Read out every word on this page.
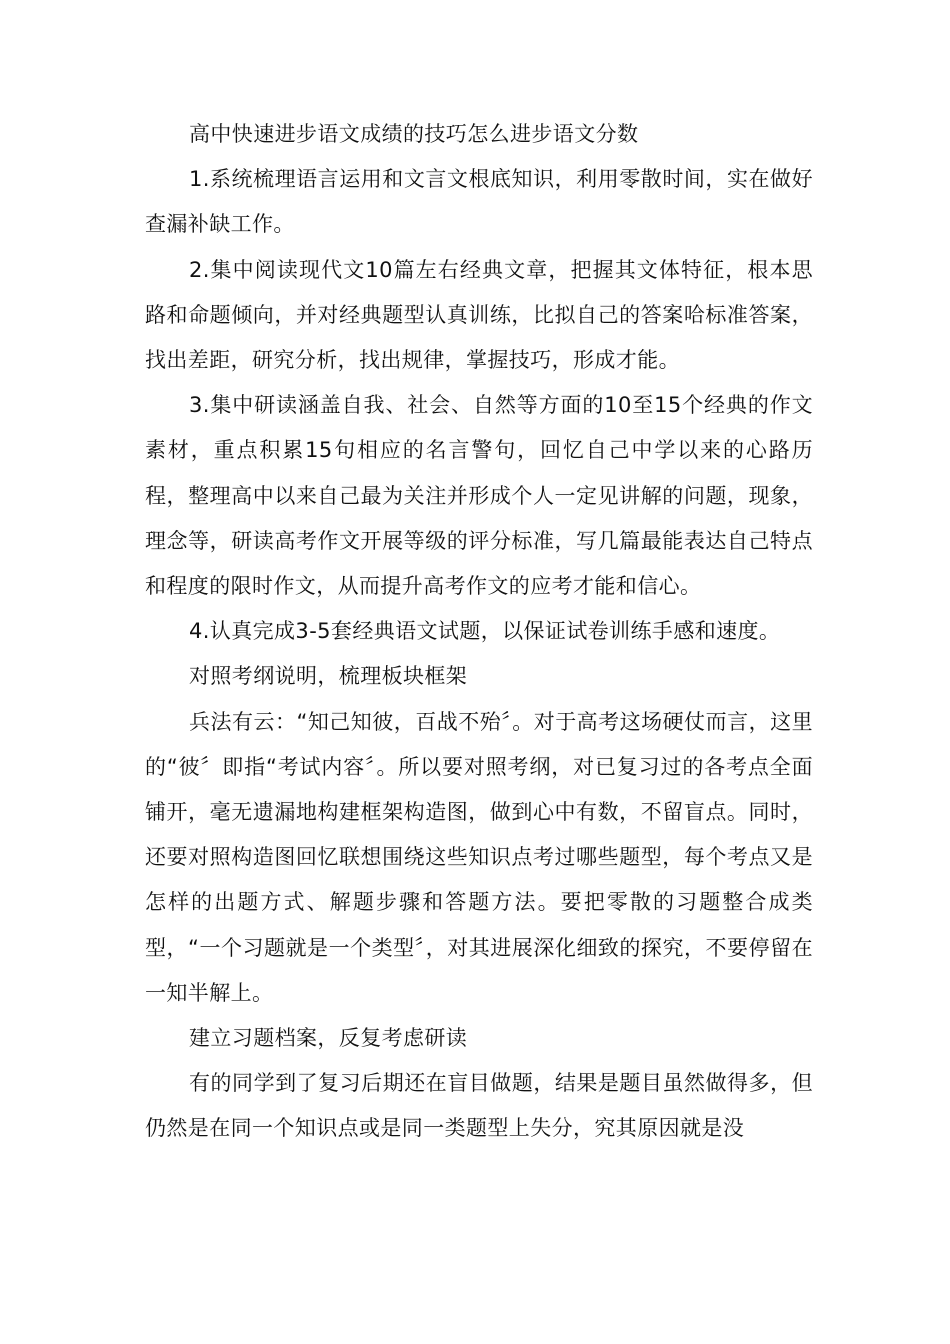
高中快速进步语文成绩的技巧怎么进步语文分数

1.系统梳理语言运用和文言文根底知识，利用零散时间，实在做好查漏补缺工作。

2.集中阅读现代文10篇左右经典文章，把握其文体特征，根本思路和命题倾向，并对经典题型认真训练，比拟自己的答案哈标准答案，找出差距，研究分析，找出规律，掌握技巧，形成才能。

3.集中研读涵盖自我、社会、自然等方面的10至15个经典的作文素材，重点积累15句相应的名言警句，回忆自己中学以来的心路历程，整理高中以来自己最为关注并形成个人一定见讲解的问题，现象，理念等，研读高考作文开展等级的评分标准，写几篇最能表达自己特点和程度的限时作文，从而提升高考作文的应考才能和信心。

4.认真完成3-5套经典语文试题，以保证试卷训练手感和速度。

对照考纲说明，梳理板块框架

兵法有云：“知己知彼，百战不殆〞。对于高考这场硬仗而言，这里的“彼〞即指“考试内容〞。所以要对照考纲，对已复习过的各考点全面铺开，毫无遗漏地构建框架构造图，做到心中有数，不留盲点。同时，还要对照构造图回忆联想围绕这些知识点考过哪些题型，每个考点又是怎样的出题方式、解题步骤和答题方法。要把零散的习题整合成类型，“一个习题就是一个类型〞，对其进展深化细致的探究，不要停留在一知半解上。

建立习题档案，反复考虑研读

有的同学到了复习后期还在盲目做题，结果是题目虽然做得多，但仍然是在同一个知识点或是同一类题型上失分，究其原因就是没
